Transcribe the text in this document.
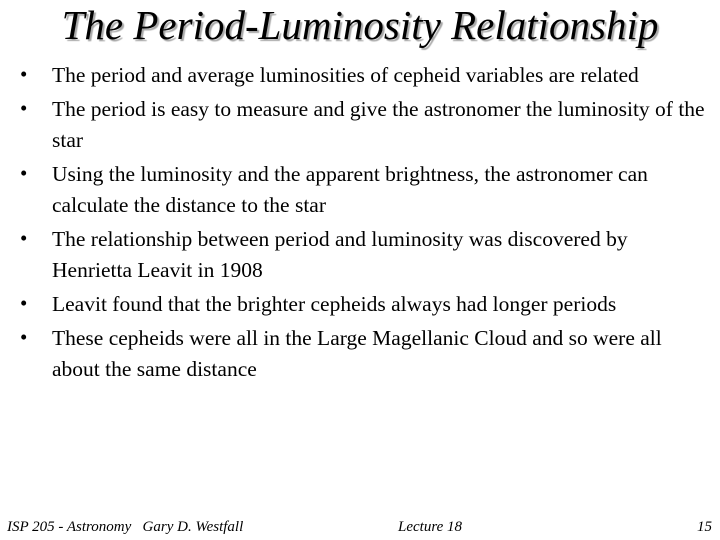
The Period-Luminosity Relationship
• The period and average luminosities of cepheid variables are related
• The period is easy to measure and give the astronomer the luminosity of the star
• Using the luminosity and the apparent brightness, the astronomer can calculate the distance to the star
• The relationship between period and luminosity was discovered by Henrietta Leavit in 1908
• Leavit found that the brighter cepheids always had longer periods
• These cepheids were all in the Large Magellanic Cloud and so were all about the same distance
ISP 205 - Astronomy   Gary D. Westfall	Lecture 18	15
